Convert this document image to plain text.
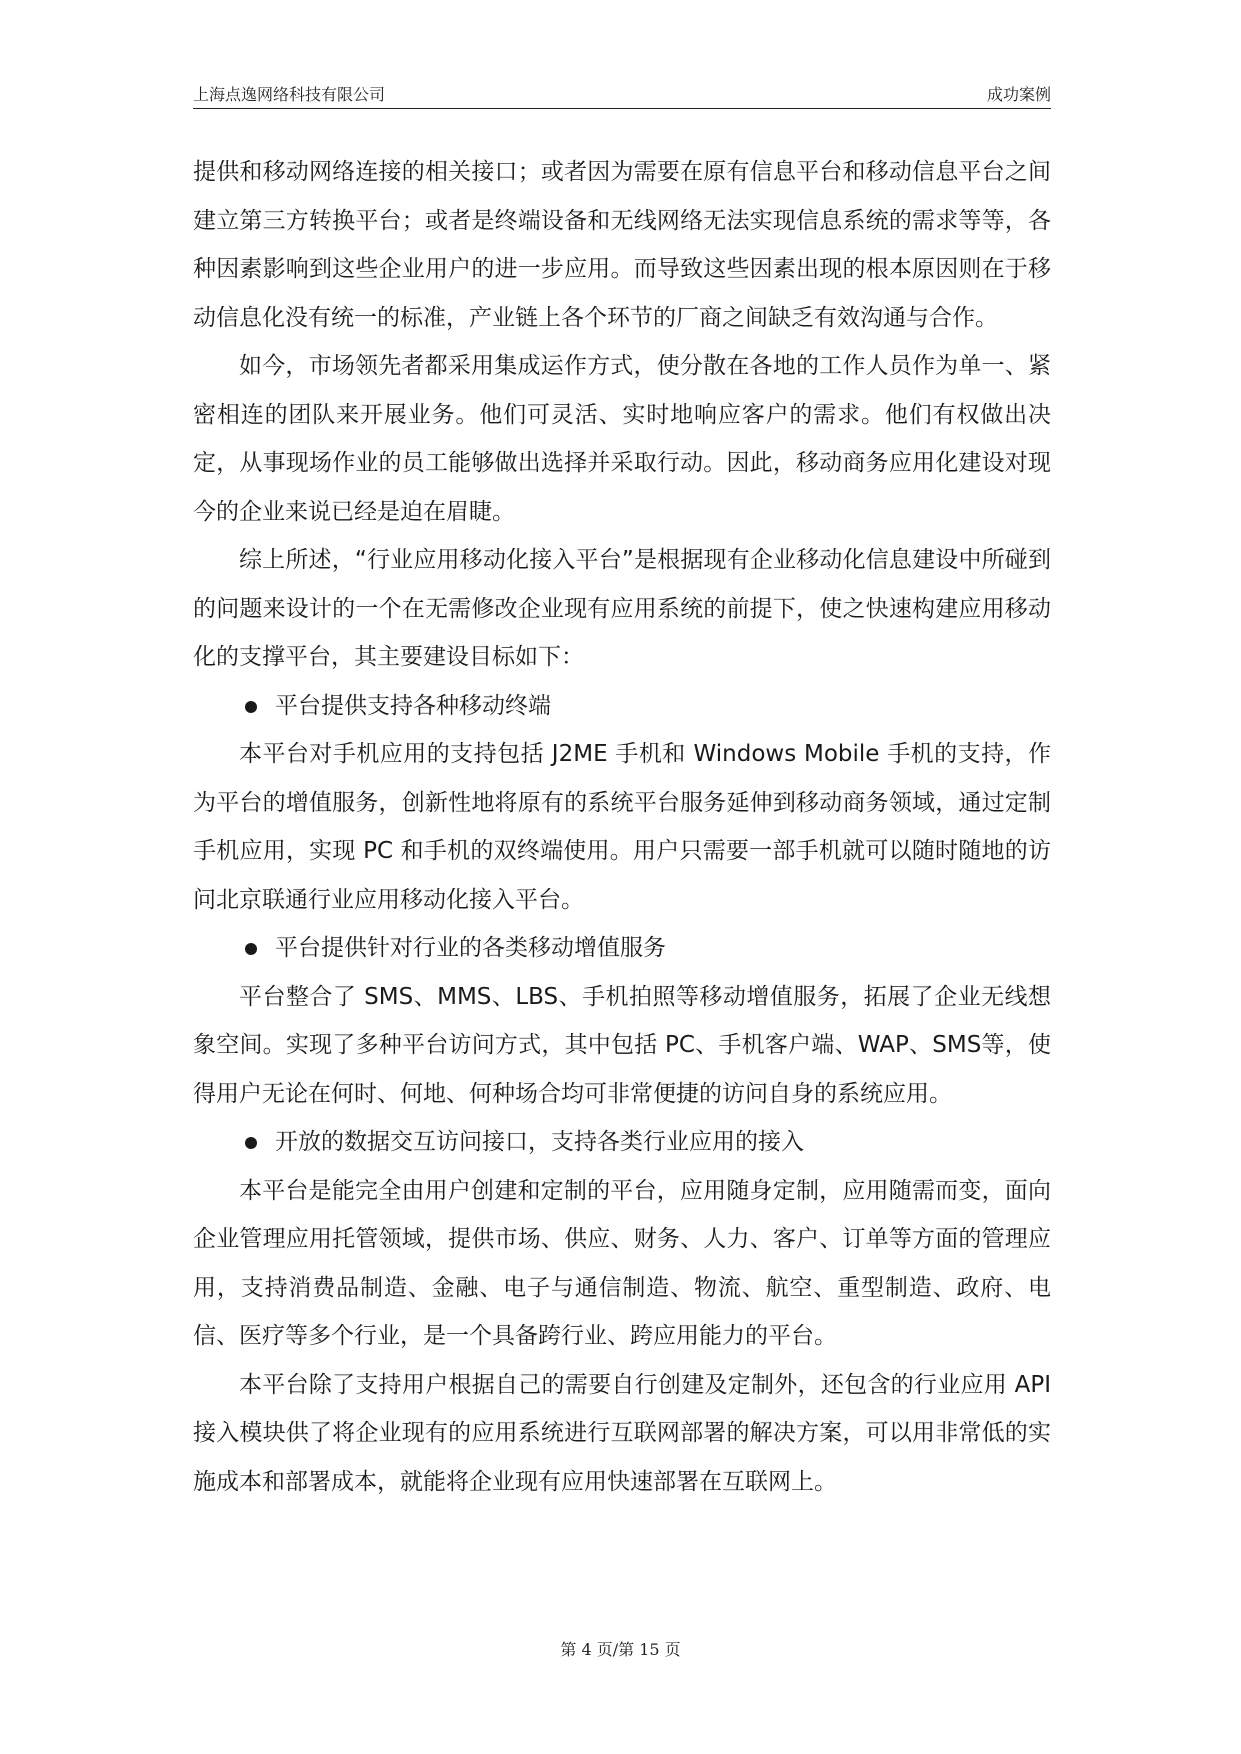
上海点逸网络科技有限公司	成功案例

提供和移动网络连接的相关接口；或者因为需要在原有信息平台和移动信息平台之间建立第三方转换平台；或者是终端设备和无线网络无法实现信息系统的需求等等，各种因素影响到这些企业用户的进一步应用。而导致这些因素出现的根本原因则在于移动信息化没有统一的标准，产业链上各个环节的厂商之间缺乏有效沟通与合作。

如今，市场领先者都采用集成运作方式，使分散在各地的工作人员作为单一、紧密相连的团队来开展业务。他们可灵活、实时地响应客户的需求。他们有权做出决定，从事现场作业的员工能够做出选择并采取行动。因此，移动商务应用化建设对现今的企业来说已经是迫在眉睫。

综上所述，“行业应用移动化接入平台”是根据现有企业移动化信息建设中所碰到的问题来设计的一个在无需修改企业现有应用系统的前提下，使之快速构建应用移动化的支撑平台，其主要建设目标如下：

平台提供支持各种移动终端

本平台对手机应用的支持包括 J2ME 手机和 Windows Mobile 手机的支持，作为平台的增值服务，创新性地将原有的系统平台服务延伸到移动商务领域，通过定制手机应用，实现 PC 和手机的双终端使用。用户只需要一部手机就可以随时随地的访问北京联通行业应用移动化接入平台。

平台提供针对行业的各类移动增值服务

平台整合了 SMS、MMS、LBS、手机拍照等移动增值服务，拓展了企业无线想象空间。实现了多种平台访问方式，其中包括 PC、手机客户端、WAP、SMS等，使得用户无论在何时、何地、何种场合均可非常便捷的访问自身的系统应用。

开放的数据交互访问接口，支持各类行业应用的接入

本平台是能完全由用户创建和定制的平台，应用随身定制，应用随需而变，面向企业管理应用托管领域，提供市场、供应、财务、人力、客户、订单等方面的管理应用，支持消费品制造、金融、电子与通信制造、物流、航空、重型制造、政府、电信、医疗等多个行业，是一个具备跨行业、跨应用能力的平台。

本平台除了支持用户根据自己的需要自行创建及定制外，还包含的行业应用 API 接入模块供了将企业现有的应用系统进行互联网部署的解决方案，可以用非常低的实施成本和部署成本，就能将企业现有应用快速部署在互联网上。

第 4 页/第 15 页
